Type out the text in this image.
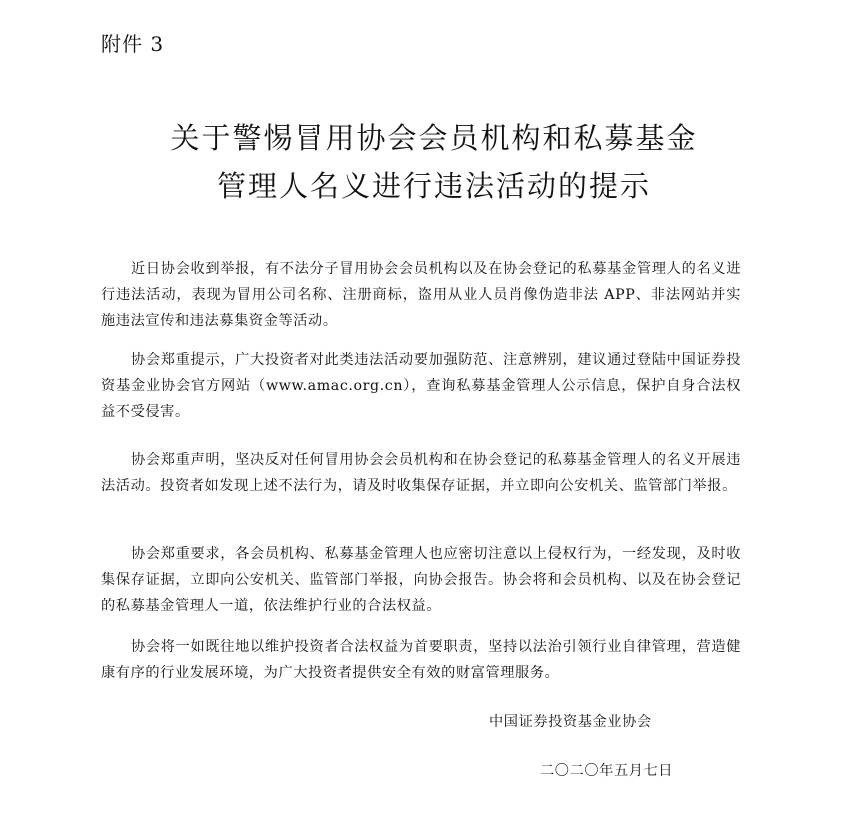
附件 3
关于警惕冒用协会会员机构和私募基金
管理人名义进行违法活动的提示

近日协会收到举报，有不法分子冒用协会会员机构以及在协会登记的私募基金管理人的名义进行违法活动，表现为冒用公司名称、注册商标，盗用从业人员肖像伪造非法 APP、非法网站并实施违法宣传和违法募集资金等活动。

协会郑重提示，广大投资者对此类违法活动要加强防范、注意辨别，建议通过登陆中国证券投资基金业协会官方网站（www.amac.org.cn），查询私募基金管理人公示信息，保护自身合法权益不受侵害。

协会郑重声明，坚决反对任何冒用协会会员机构和在协会登记的私募基金管理人的名义开展违法活动。投资者如发现上述不法行为，请及时收集保存证据，并立即向公安机关、监管部门举报。

协会郑重要求，各会员机构、私募基金管理人也应密切注意以上侵权行为，一经发现，及时收集保存证据，立即向公安机关、监管部门举报，向协会报告。协会将和会员机构、以及在协会登记的私募基金管理人一道，依法维护行业的合法权益。

协会将一如既往地以维护投资者合法权益为首要职责，坚持以法治引领行业自律管理，营造健康有序的行业发展环境，为广大投资者提供安全有效的财富管理服务。

中国证券投资基金业协会
二〇二〇年五月七日
